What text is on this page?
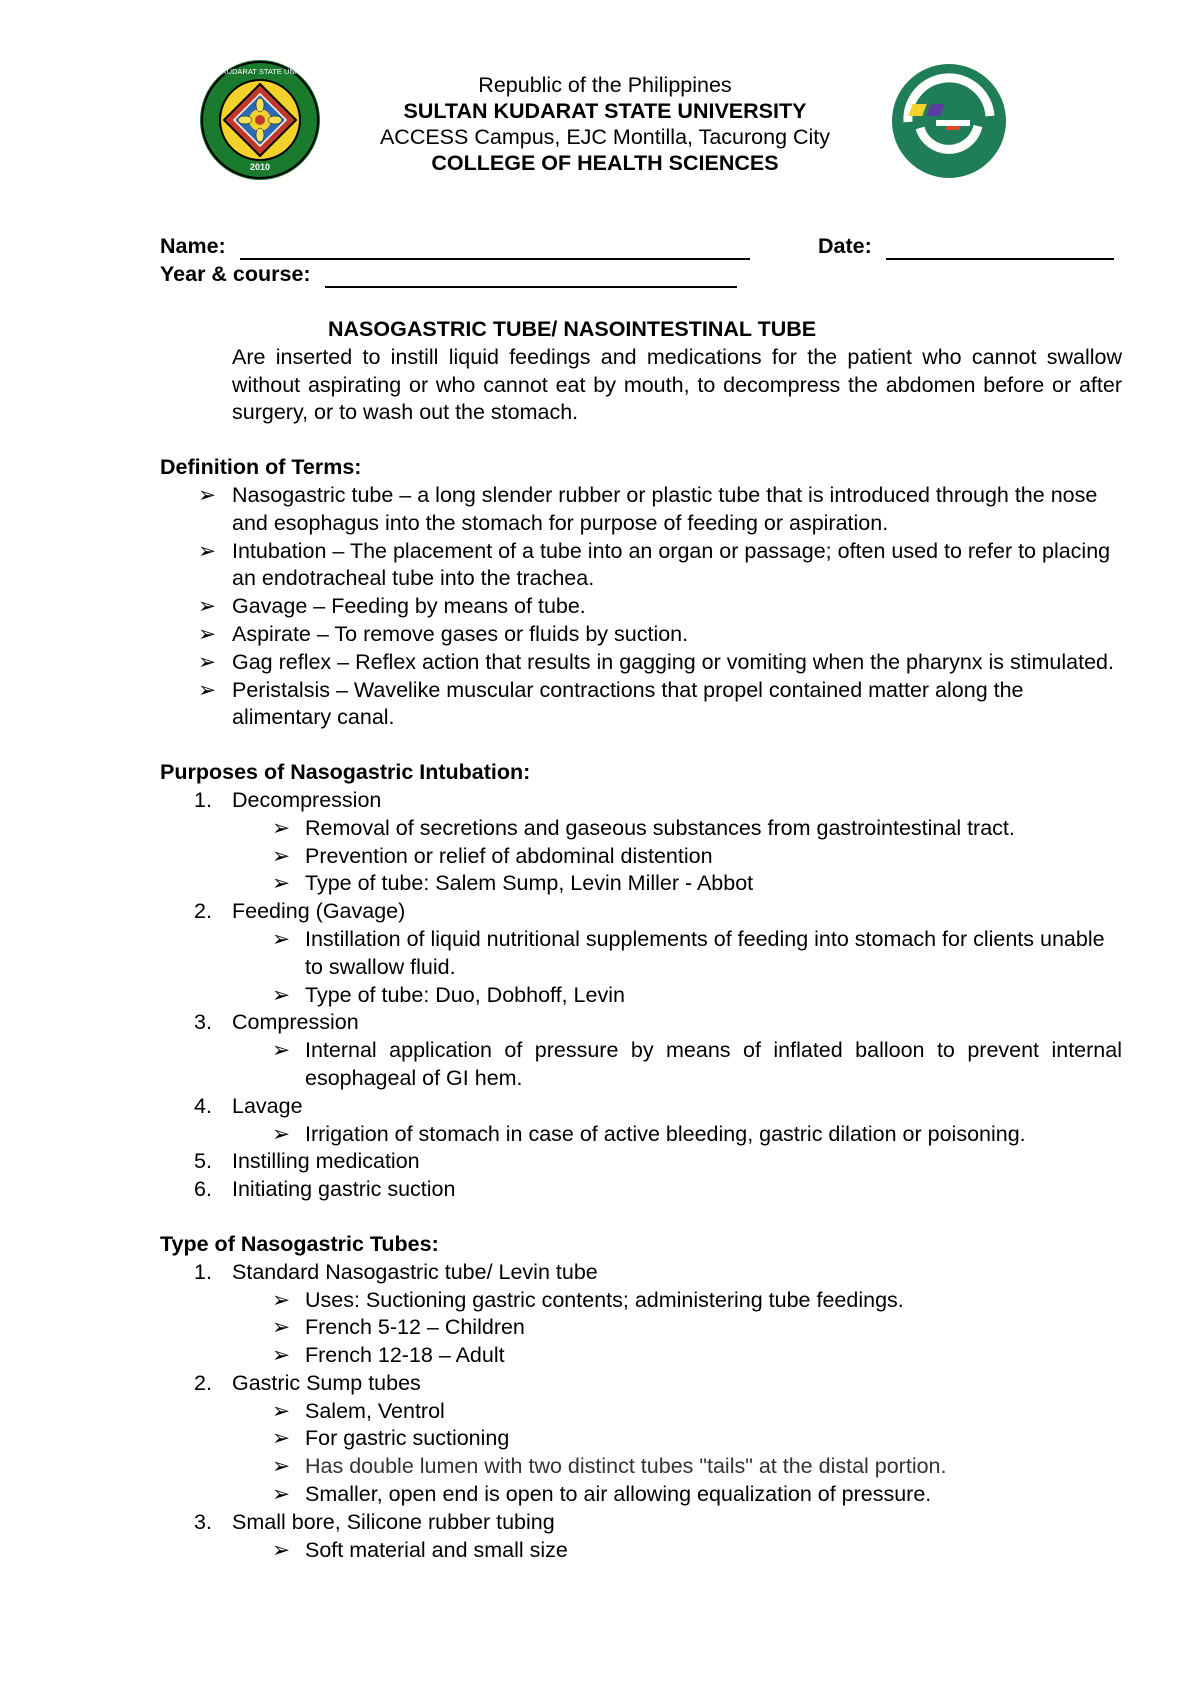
2010
SULTAN KUDARAT STATE UNIVERSITY
Republic of the Philippines
SULTAN KUDARAT STATE UNIVERSITY
ACCESS Campus, EJC Montilla, Tacurong City
COLLEGE OF HEALTH SCIENCES
Name:	Date:
Year & course:
NASOGASTRIC TUBE/ NASOINTESTINAL TUBE
Are inserted to instill liquid feedings and medications for the patient who cannot swallow without aspirating or who cannot eat by mouth, to decompress the abdomen before or after surgery, or to wash out the stomach.
Definition of Terms:
➢ Nasogastric tube – a long slender rubber or plastic tube that is introduced through the nose and esophagus into the stomach for purpose of feeding or aspiration.
➢ Intubation – The placement of a tube into an organ or passage; often used to refer to placing an endotracheal tube into the trachea.
➢ Gavage – Feeding by means of tube.
➢ Aspirate – To remove gases or fluids by suction.
➢ Gag reflex – Reflex action that results in gagging or vomiting when the pharynx is stimulated.
➢ Peristalsis – Wavelike muscular contractions that propel contained matter along the alimentary canal.
Purposes of Nasogastric Intubation:
1. Decompression
➢ Removal of secretions and gaseous substances from gastrointestinal tract.
➢ Prevention or relief of abdominal distention
➢ Type of tube: Salem Sump, Levin Miller - Abbot
2. Feeding (Gavage)
➢ Instillation of liquid nutritional supplements of feeding into stomach for clients unable to swallow fluid.
➢ Type of tube: Duo, Dobhoff, Levin
3. Compression
➢ Internal application of pressure by means of inflated balloon to prevent internal esophageal of GI hem.
4. Lavage
➢ Irrigation of stomach in case of active bleeding, gastric dilation or poisoning.
5. Instilling medication
6. Initiating gastric suction
Type of Nasogastric Tubes:
1. Standard Nasogastric tube/ Levin tube
➢ Uses: Suctioning gastric contents; administering tube feedings.
➢ French 5-12 – Children
➢ French 12-18 – Adult
2. Gastric Sump tubes
➢ Salem, Ventrol
➢ For gastric suctioning
➢ Has double lumen with two distinct tubes "tails" at the distal portion.
➢ Smaller, open end is open to air allowing equalization of pressure.
3. Small bore, Silicone rubber tubing
➢ Soft material and small size
